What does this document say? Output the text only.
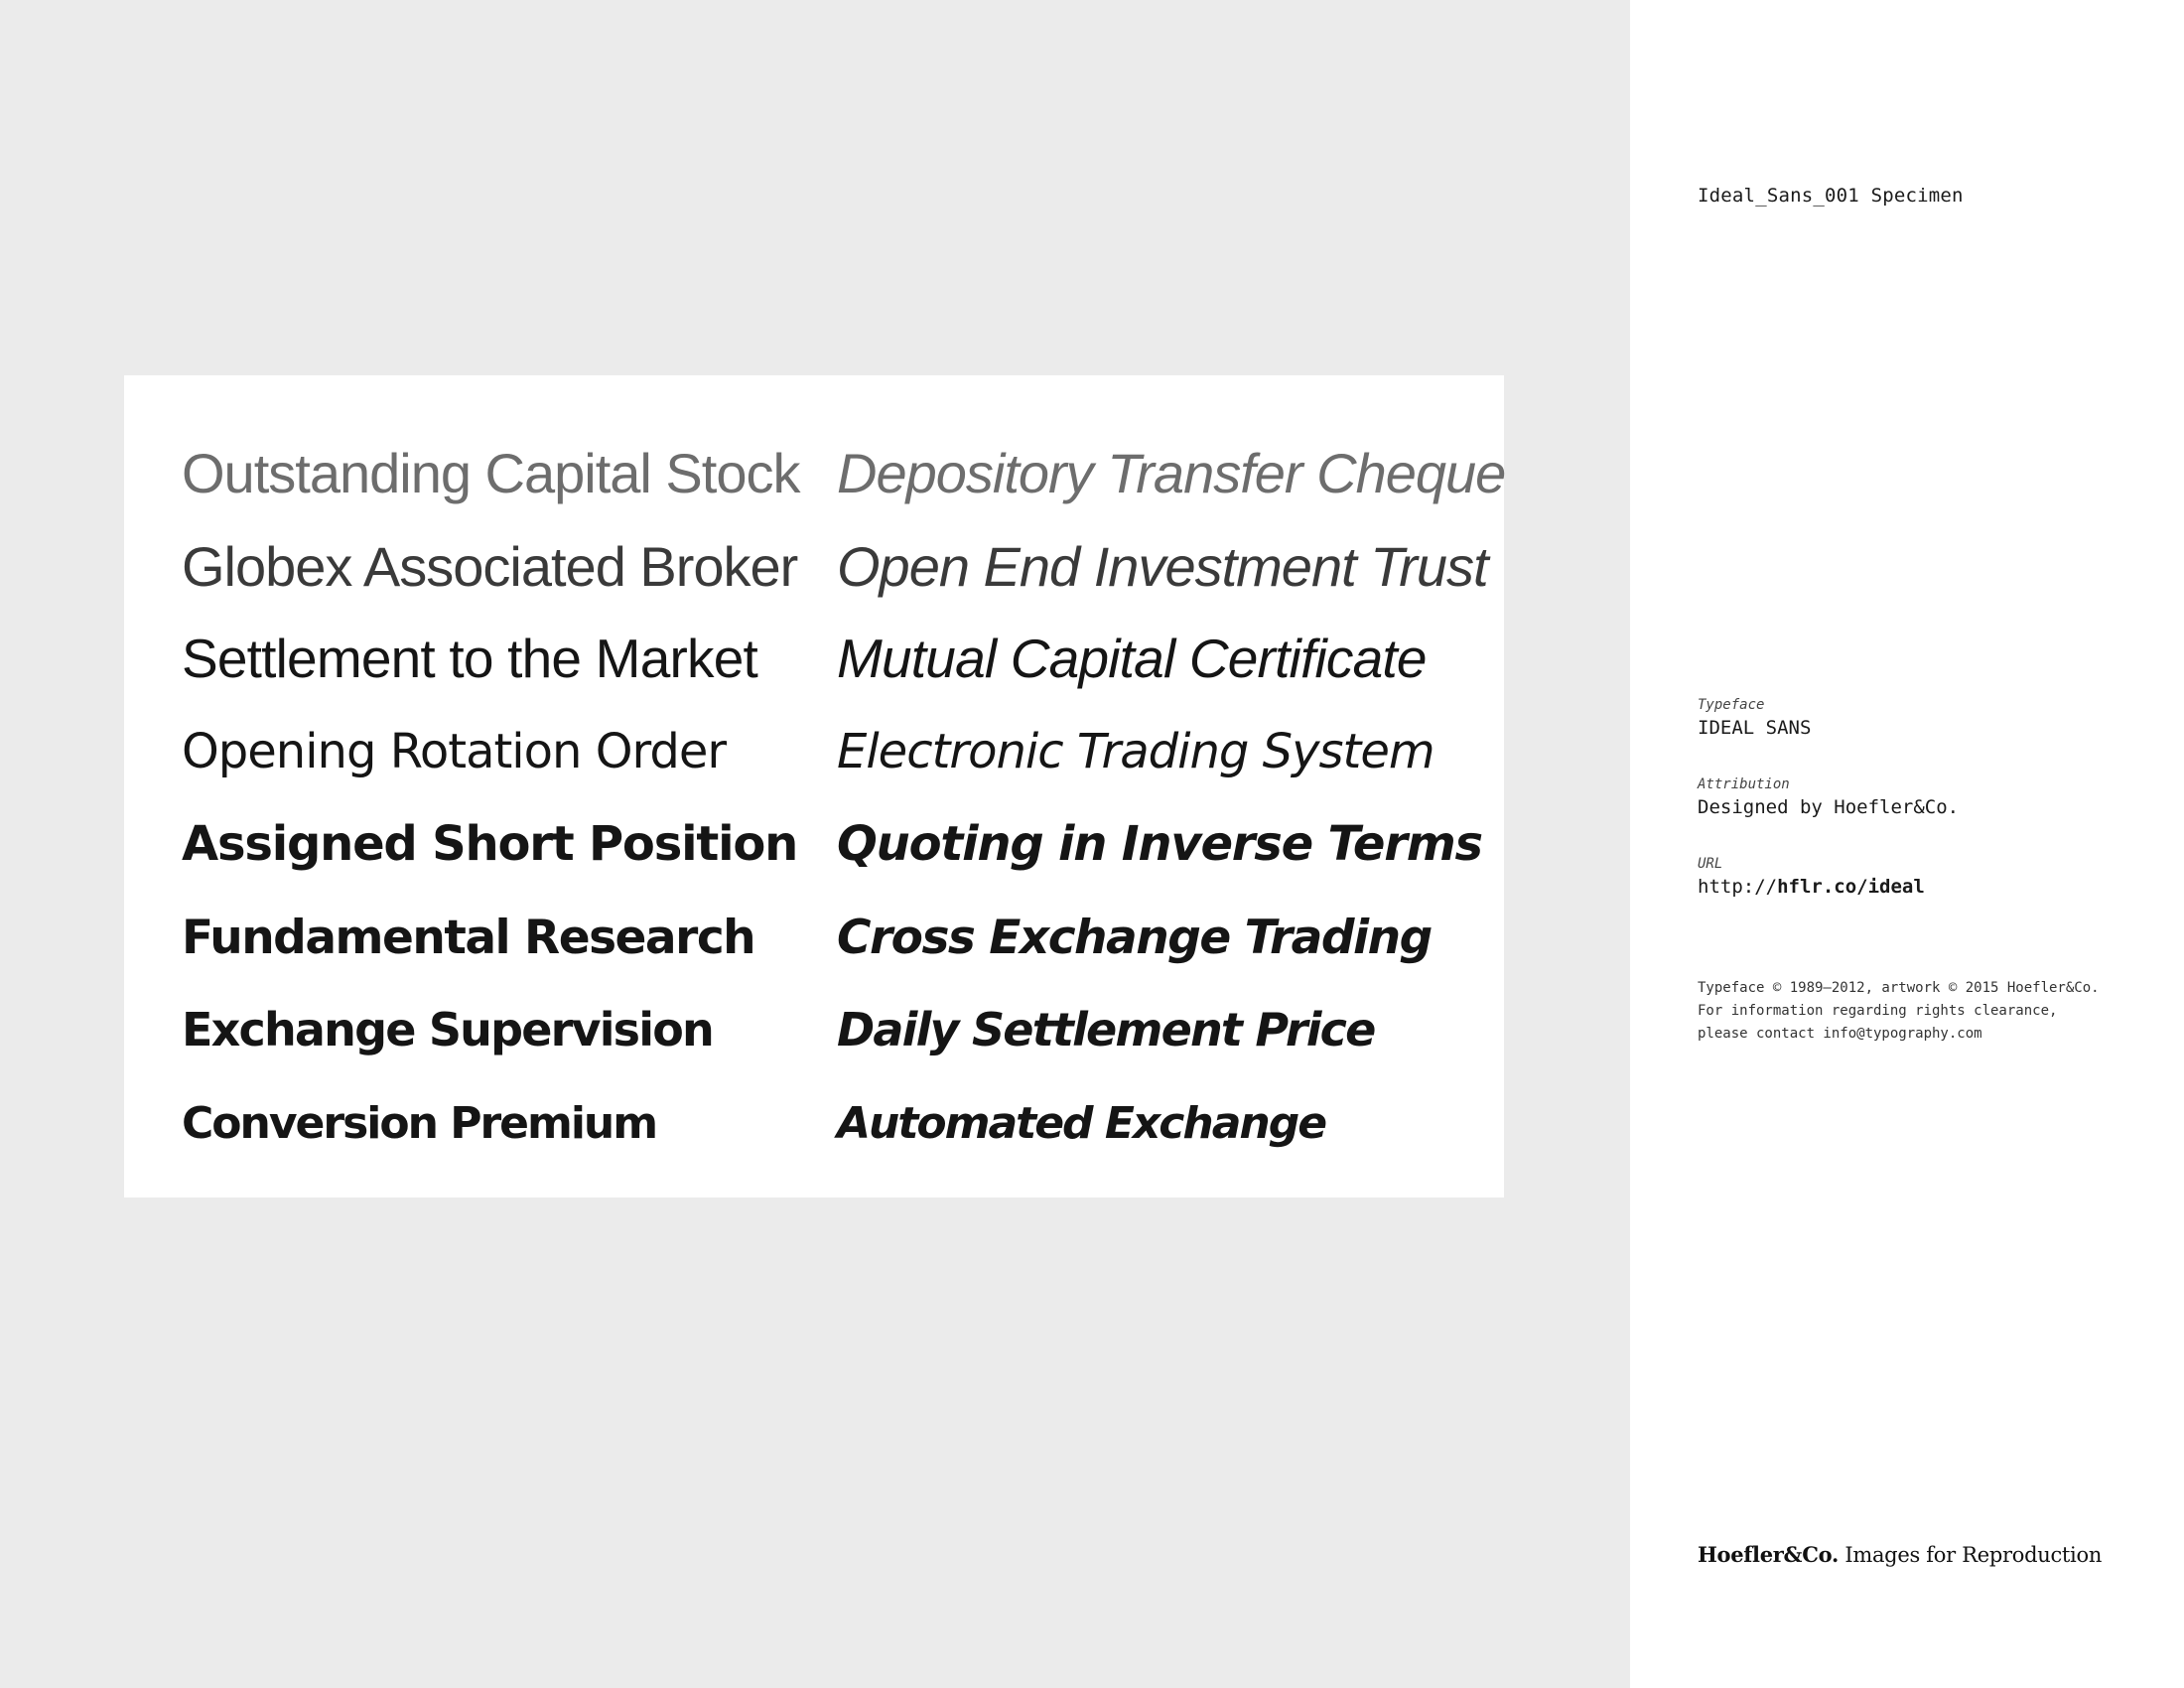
Outstanding Capital Stock
Globex Associated Broker
Settlement to the Market
Opening Rotation Order
Assigned Short Position
Fundamental Research
Exchange Supervision
Conversion Premium
Depository Transfer Cheque
Open End Investment Trust
Mutual Capital Certificate
Electronic Trading System
Quoting in Inverse Terms
Cross Exchange Trading
Daily Settlement Price
Automated Exchange
Ideal_Sans_001 Specimen
Typeface
IDEAL SANS
Attribution
Designed by Hoefler&Co.
URL
http://hflr.co/ideal
Typeface © 1989–2012, artwork © 2015 Hoefler&Co.
For information regarding rights clearance,
please contact info@typography.com
Hoefler&Co. Images for Reproduction
